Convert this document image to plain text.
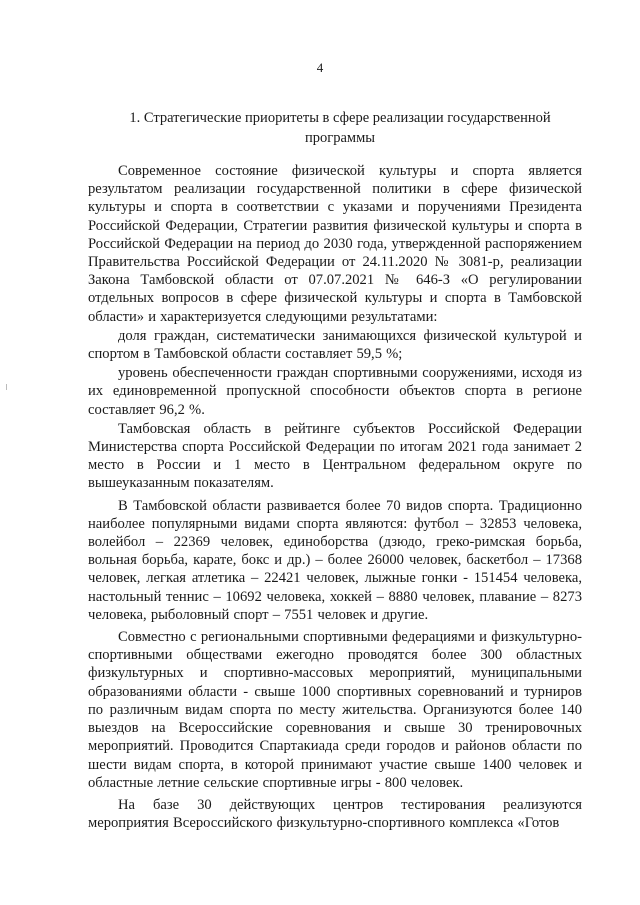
4
1. Стратегические приоритеты в сфере реализации государственной программы

Современное состояние физической культуры и спорта является результатом реализации государственной политики в сфере физической культуры и спорта в соответствии с указами и поручениями Президента Российской Федерации, Стратегии развития физической культуры и спорта в Российской Федерации на период до 2030 года, утвержденной распоряжением Правительства Российской Федерации от 24.11.2020 № 3081-р, реализации Закона Тамбовской области от 07.07.2021 № 646-З «О регулировании отдельных вопросов в сфере физической культуры и спорта в Тамбовской области» и характеризуется следующими результатами:

доля граждан, систематически занимающихся физической культурой и спортом в Тамбовской области составляет 59,5 %;

уровень обеспеченности граждан спортивными сооружениями, исходя из их единовременной пропускной способности объектов спорта в регионе составляет 96,2 %.

Тамбовская область в рейтинге субъектов Российской Федерации Министерства спорта Российской Федерации по итогам 2021 года занимает 2 место в России и 1 место в Центральном федеральном округе по вышеуказанным показателям.

В Тамбовской области развивается более 70 видов спорта. Традиционно наиболее популярными видами спорта являются: футбол – 32853 человека, волейбол – 22369 человек, единоборства (дзюдо, греко-римская борьба, вольная борьба, карате, бокс и др.) – более 26000 человек, баскетбол – 17368 человек, легкая атлетика – 22421 человек, лыжные гонки - 151454 человека, настольный теннис – 10692 человека, хоккей – 8880 человек, плавание – 8273 человека, рыболовный спорт – 7551 человек и другие.

Совместно с региональными спортивными федерациями и физкультурно-спортивными обществами ежегодно проводятся более 300 областных физкультурных и спортивно-массовых мероприятий, муниципальными образованиями области - свыше 1000 спортивных соревнований и турниров по различным видам спорта по месту жительства. Организуются более 140 выездов на Всероссийские соревнования и свыше 30 тренировочных мероприятий. Проводится Спартакиада среди городов и районов области по шести видам спорта, в которой принимают участие свыше 1400 человек и областные летние сельские спортивные игры - 800 человек.

На базе 30 действующих центров тестирования реализуются мероприятия Всероссийского физкультурно-спортивного комплекса «Готов
